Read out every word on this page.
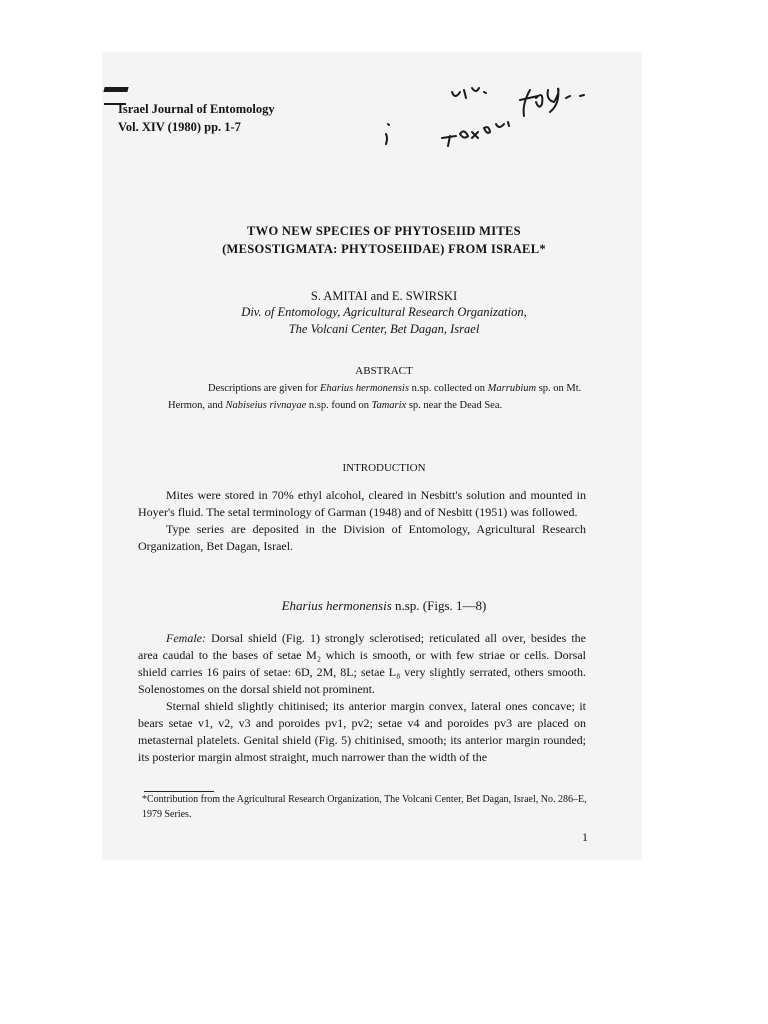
Israel Journal of Entomology
Vol. XIV (1980) pp. 1-7
TWO NEW SPECIES OF PHYTOSEIID MITES
(MESOSTIGMATA: PHYTOSEIIDAE) FROM ISRAEL*
S. AMITAI and E. SWIRSKI
Div. of Entomology, Agricultural Research Organization,
The Volcani Center, Bet Dagan, Israel
ABSTRACT
Descriptions are given for Eharius hermonensis n.sp. collected on Marrubium sp. on Mt. Hermon, and Nabiseius rivnayae n.sp. found on Tamarix sp. near the Dead Sea.
INTRODUCTION

Mites were stored in 70% ethyl alcohol, cleared in Nesbitt's solution and mounted in Hoyer's fluid. The setal terminology of Garman (1948) and of Nesbitt (1951) was followed.

Type series are deposited in the Division of Entomology, Agricultural Research Organization, Bet Dagan, Israel.

Eharius hermonensis n.sp. (Figs. 1—8)

Female: Dorsal shield (Fig. 1) strongly sclerotised; reticulated all over, besides the area caudal to the bases of setae M₂ which is smooth, or with few striae or cells. Dorsal shield carries 16 pairs of setae: 6D, 2M, 8L; setae L₈ very slightly serrated, others smooth. Solenostomes on the dorsal shield not prominent.

Sternal shield slightly chitinised; its anterior margin convex, lateral ones concave; it bears setae v1, v2, v3 and poroides pv1, pv2; setae v4 and poroides pv3 are placed on metasternal platelets. Genital shield (Fig. 5) chitinised, smooth; its anterior margin rounded; its posterior margin almost straight, much narrower than the width of the

*Contribution from the Agricultural Research Organization, The Volcani Center, Bet Dagan, Israel, No. 286–E, 1979 Series.
1
